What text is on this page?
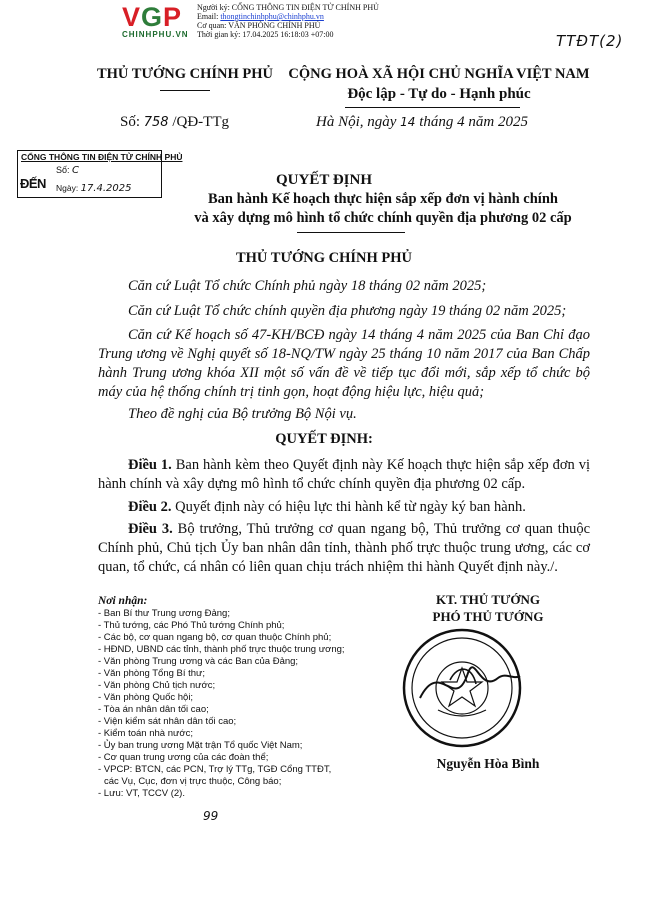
VGP
CHINHPHU.VN
Người ký: CỔNG THÔNG TIN ĐIỆN TỬ CHÍNH PHỦ
Email: thongtinchinhphu@chinhphu.vn
Cơ quan: VĂN PHÒNG CHÍNH PHỦ
Thời gian ký: 17.04.2025 16:18:03 +07:00	TTĐT(2)
THỦ TƯỚNG CHÍNH PHỦ	CỘNG HOÀ XÃ HỘI CHỦ NGHĨA VIỆT NAM
Độc lập - Tự do - Hạnh phúc
Số: 758 /QĐ-TTg	Hà Nội, ngày 14 tháng 4 năm 2025
CỔNG THÔNG TIN ĐIỆN TỬ CHÍNH PHỦ
ĐẾN
Số: C
Ngày: 17.4.2025
QUYẾT ĐỊNH
Ban hành Kế hoạch thực hiện sắp xếp đơn vị hành chính
và xây dựng mô hình tổ chức chính quyền địa phương 02 cấp
THỦ TƯỚNG CHÍNH PHỦ
Căn cứ Luật Tổ chức Chính phủ ngày 18 tháng 02 năm 2025;
Căn cứ Luật Tổ chức chính quyền địa phương ngày 19 tháng 02 năm 2025;
Căn cứ Kế hoạch số 47-KH/BCĐ ngày 14 tháng 4 năm 2025 của Ban Chỉ đạo Trung ương về Nghị quyết số 18-NQ/TW ngày 25 tháng 10 năm 2017 của Ban Chấp hành Trung ương khóa XII một số vấn đề về tiếp tục đổi mới, sắp xếp tổ chức bộ máy của hệ thống chính trị tinh gọn, hoạt động hiệu lực, hiệu quả;
Theo đề nghị của Bộ trưởng Bộ Nội vụ.
QUYẾT ĐỊNH:
Điều 1. Ban hành kèm theo Quyết định này Kế hoạch thực hiện sắp xếp đơn vị hành chính và xây dựng mô hình tổ chức chính quyền địa phương 02 cấp.
Điều 2. Quyết định này có hiệu lực thi hành kể từ ngày ký ban hành.
Điều 3. Bộ trưởng, Thủ trưởng cơ quan ngang bộ, Thủ trưởng cơ quan thuộc Chính phủ, Chủ tịch Ủy ban nhân dân tỉnh, thành phố trực thuộc trung ương, các cơ quan, tổ chức, cá nhân có liên quan chịu trách nhiệm thi hành Quyết định này./.
Nơi nhận:
- Ban Bí thư Trung ương Đảng;
- Thủ tướng, các Phó Thủ tướng Chính phủ;
- Các bộ, cơ quan ngang bộ, cơ quan thuộc Chính phủ;
- HĐND, UBND các tỉnh, thành phố trực thuộc trung ương;
- Văn phòng Trung ương và các Ban của Đảng;
- Văn phòng Tổng Bí thư;
- Văn phòng Chủ tịch nước;
- Văn phòng Quốc hội;
- Tòa án nhân dân tối cao;
- Viện kiểm sát nhân dân tối cao;
- Kiểm toán nhà nước;
- Ủy ban trung ương Mặt trận Tổ quốc Việt Nam;
- Cơ quan trung ương của các đoàn thể;
- VPCP: BTCN, các PCN, Trợ lý TTg, TGĐ Cổng TTĐT,
các Vụ, Cục, đơn vị trực thuộc, Công báo;
- Lưu: VT, TCCV (2).
KT. THỦ TƯỚNG
PHÓ THỦ TƯỚNG
Nguyễn Hòa Bình
99
